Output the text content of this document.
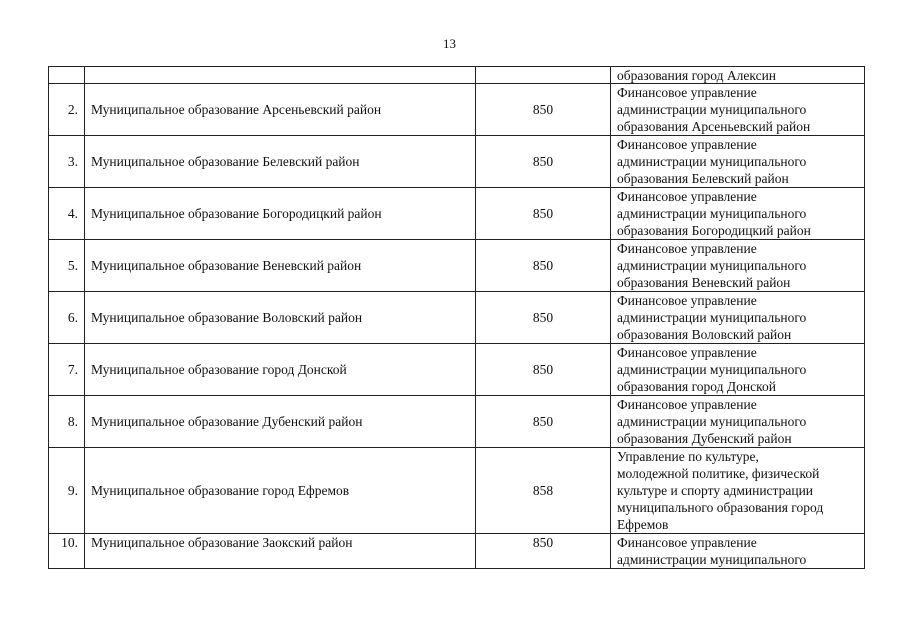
13

			образования город Алексин

2.	Муниципальное образование Арсеньевский район	850	Финансовое управление
администрации муниципального
образования Арсеньевский район

3.	Муниципальное образование Белевский район	850	Финансовое управление
администрации муниципального
образования Белевский район

4.	Муниципальное образование Богородицкий район	850	Финансовое управление
администрации муниципального
образования Богородицкий район

5.	Муниципальное образование Веневский район	850	Финансовое управление
администрации муниципального
образования Веневский район

6.	Муниципальное образование Воловский район	850	Финансовое управление
администрации муниципального
образования Воловский район

7.	Муниципальное образование город Донской	850	Финансовое управление
администрации муниципального
образования город Донской

8.	Муниципальное образование Дубенский район	850	Финансовое управление
администрации муниципального
образования Дубенский район

9.	Муниципальное образование город Ефремов	858	Управление по культуре,
молодежной политике, физической
культуре и спорту администрации
муниципального образования город
Ефремов

10.	Муниципальное образование Заокский район	850	Финансовое управление
администрации муниципального
